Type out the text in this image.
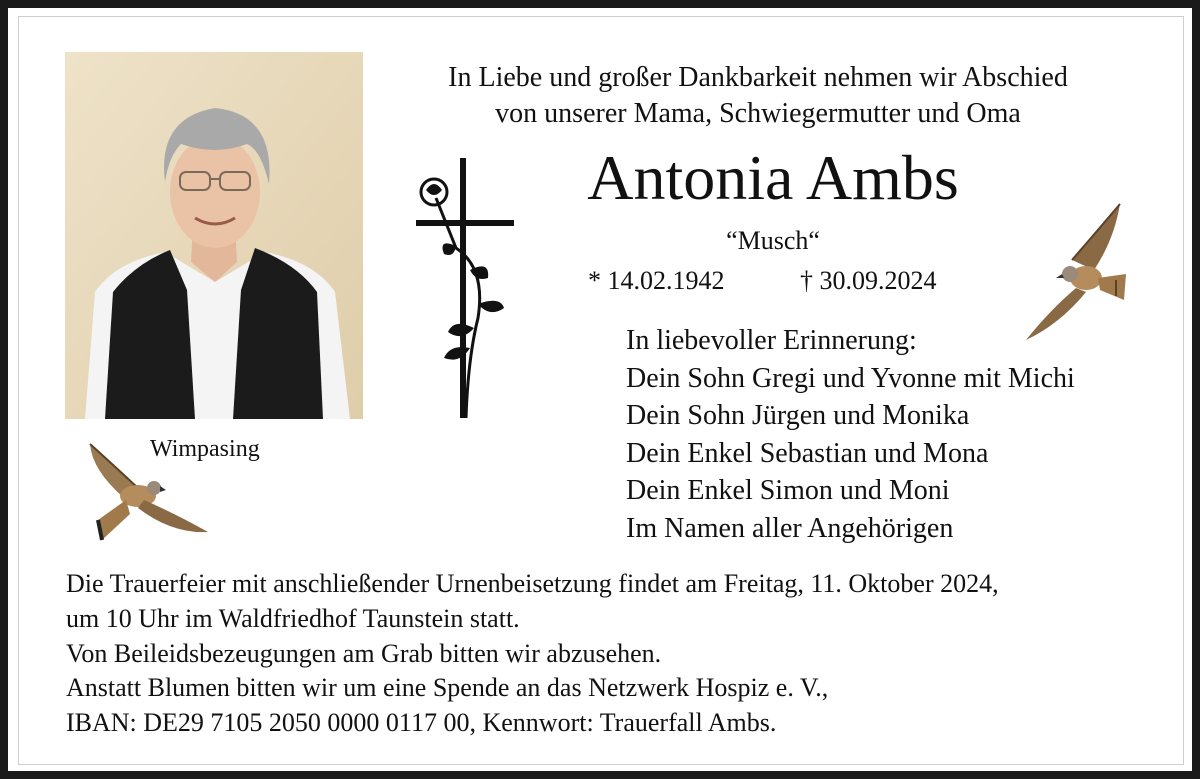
In Liebe und großer Dankbarkeit nehmen wir Abschied
von unserer Mama, Schwiegermutter und Oma
Antonia Ambs
“Musch“
* 14.02.1942	† 30.09.2024
In liebevoller Erinnerung:
Dein Sohn Gregi und Yvonne mit Michi
Dein Sohn Jürgen und Monika
Dein Enkel Sebastian und Mona
Dein Enkel Simon und Moni
Im Namen aller Angehörigen
Wimpasing
Die Trauerfeier mit anschließender Urnenbeisetzung findet am Freitag, 11. Oktober 2024,
um 10 Uhr im Waldfriedhof Taunstein statt.
Von Beileidsbezeugungen am Grab bitten wir abzusehen.
Anstatt Blumen bitten wir um eine Spende an das Netzwerk Hospiz e. V.,
IBAN: DE29 7105 2050 0000 0117 00, Kennwort: Trauerfall Ambs.
